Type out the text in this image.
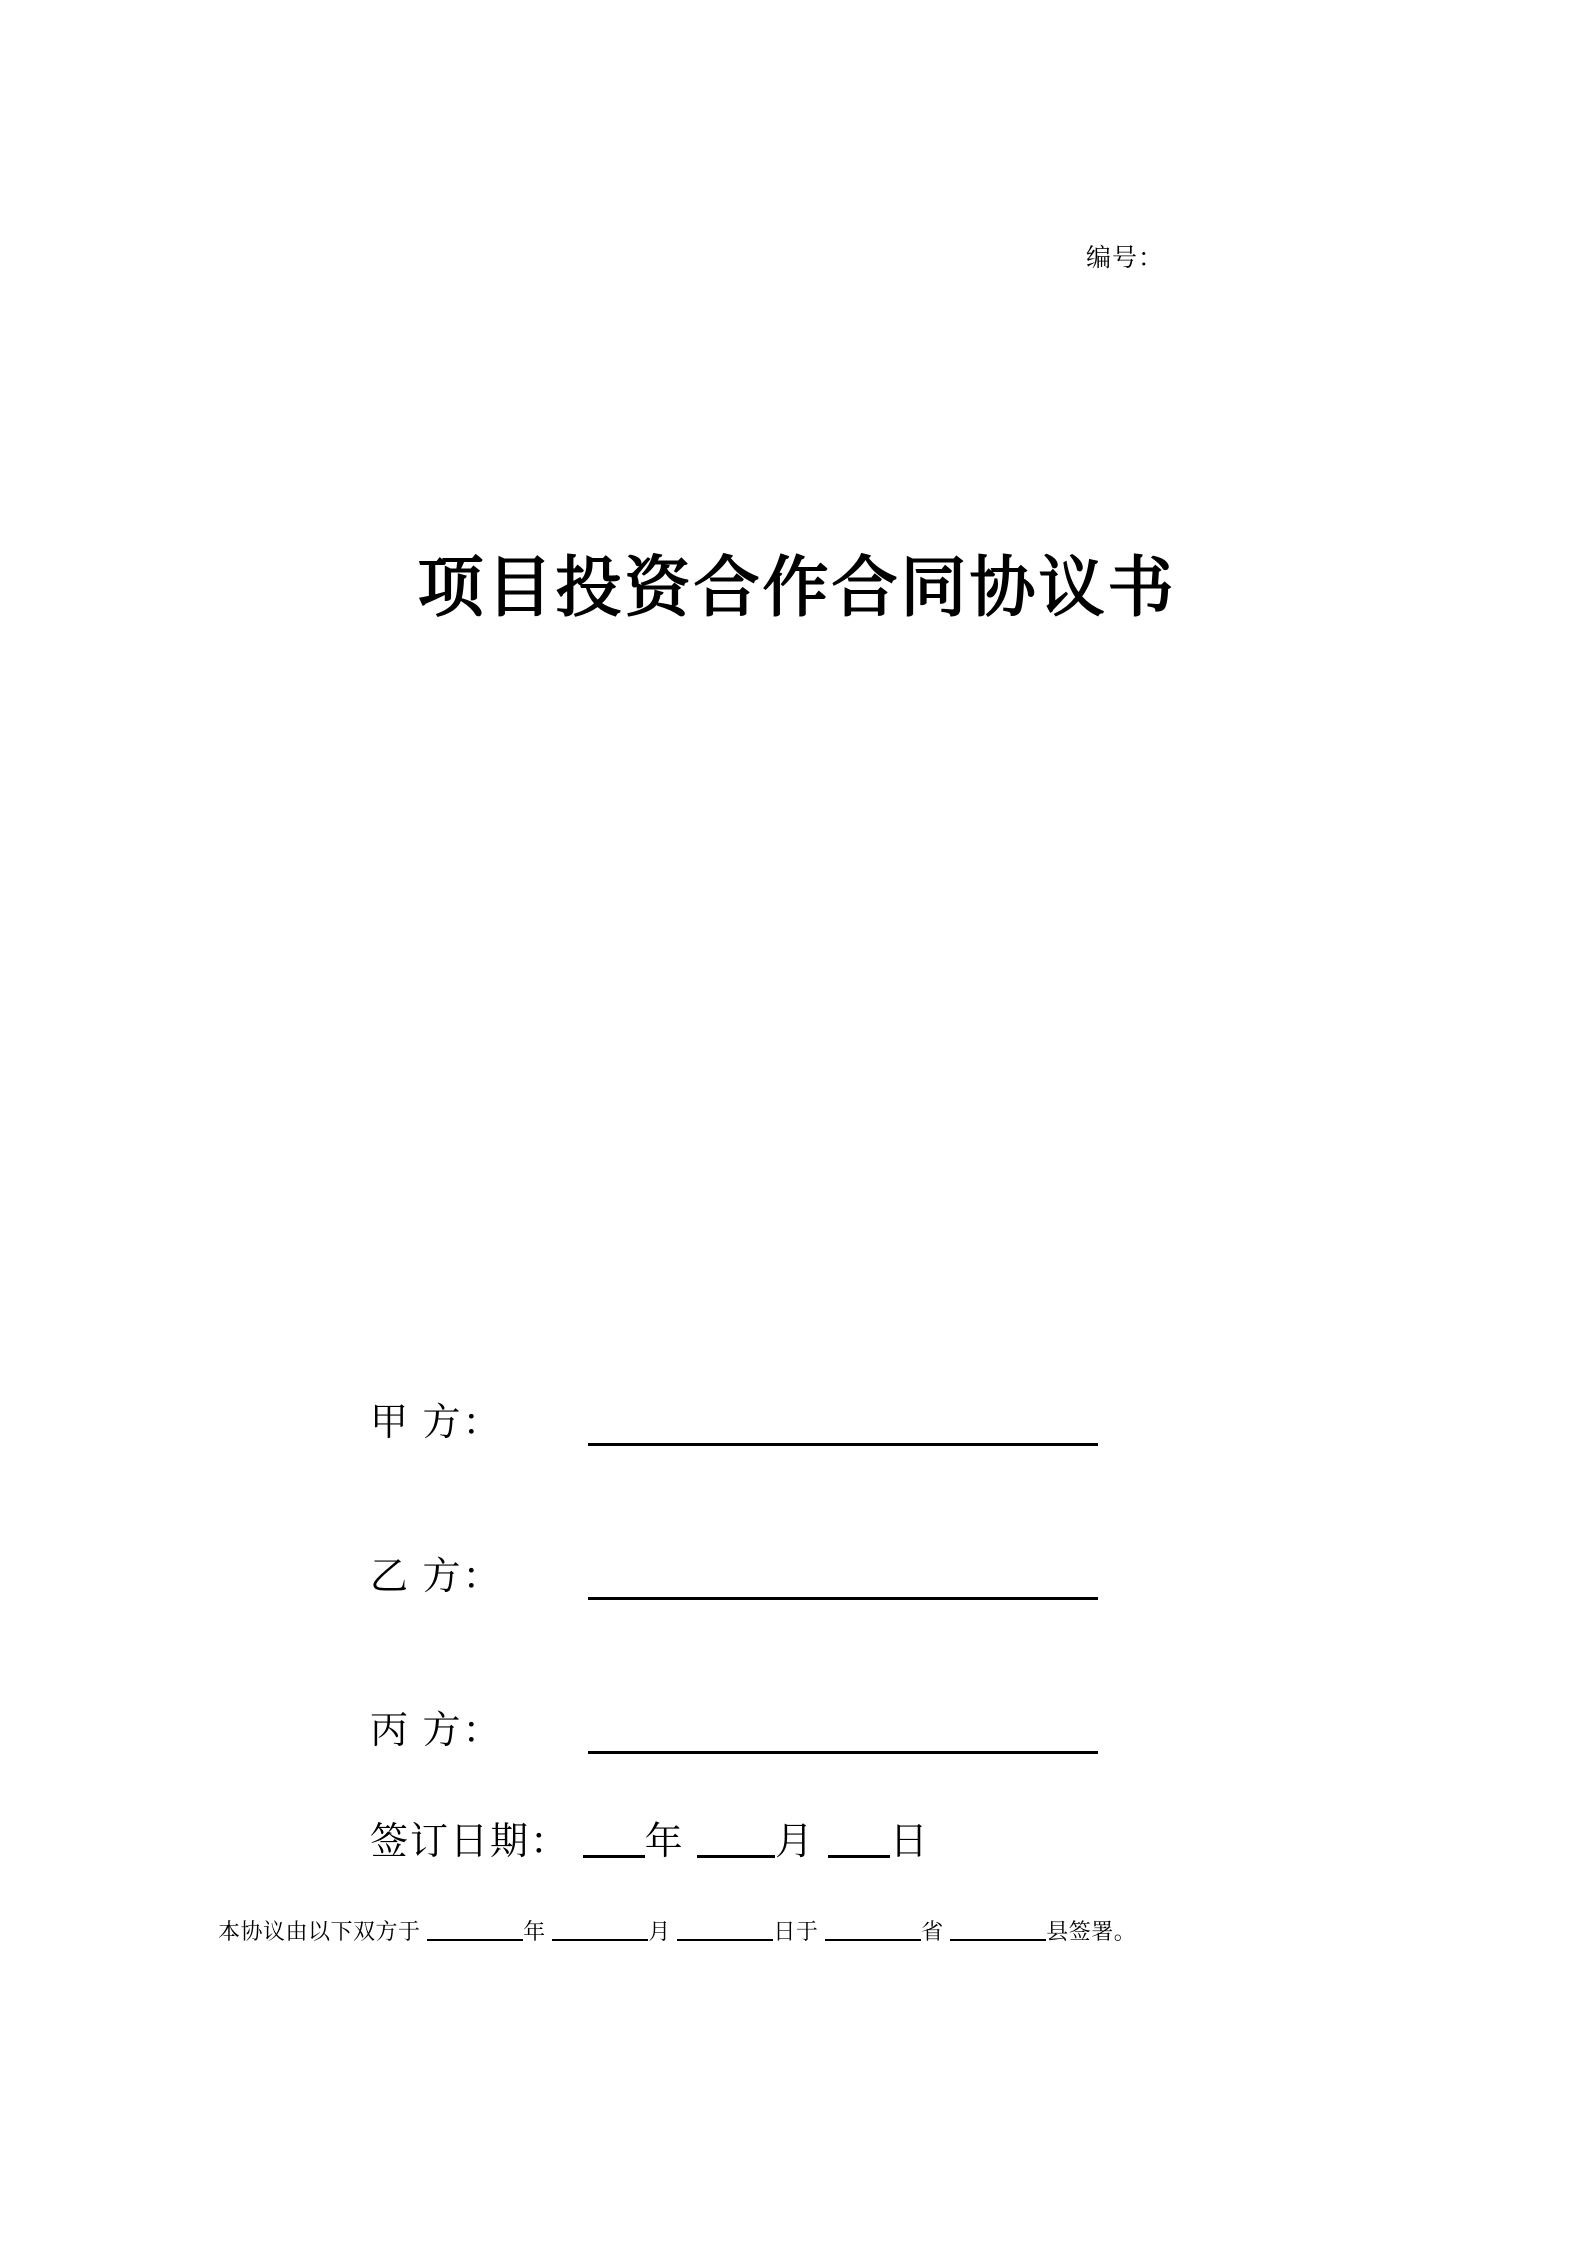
编号：
项目投资合作合同协议书
甲 方：
乙 方：
丙 方：
签订日期： 年 月 日
本协议由以下双方于	年	月	日于	省	县签署。
